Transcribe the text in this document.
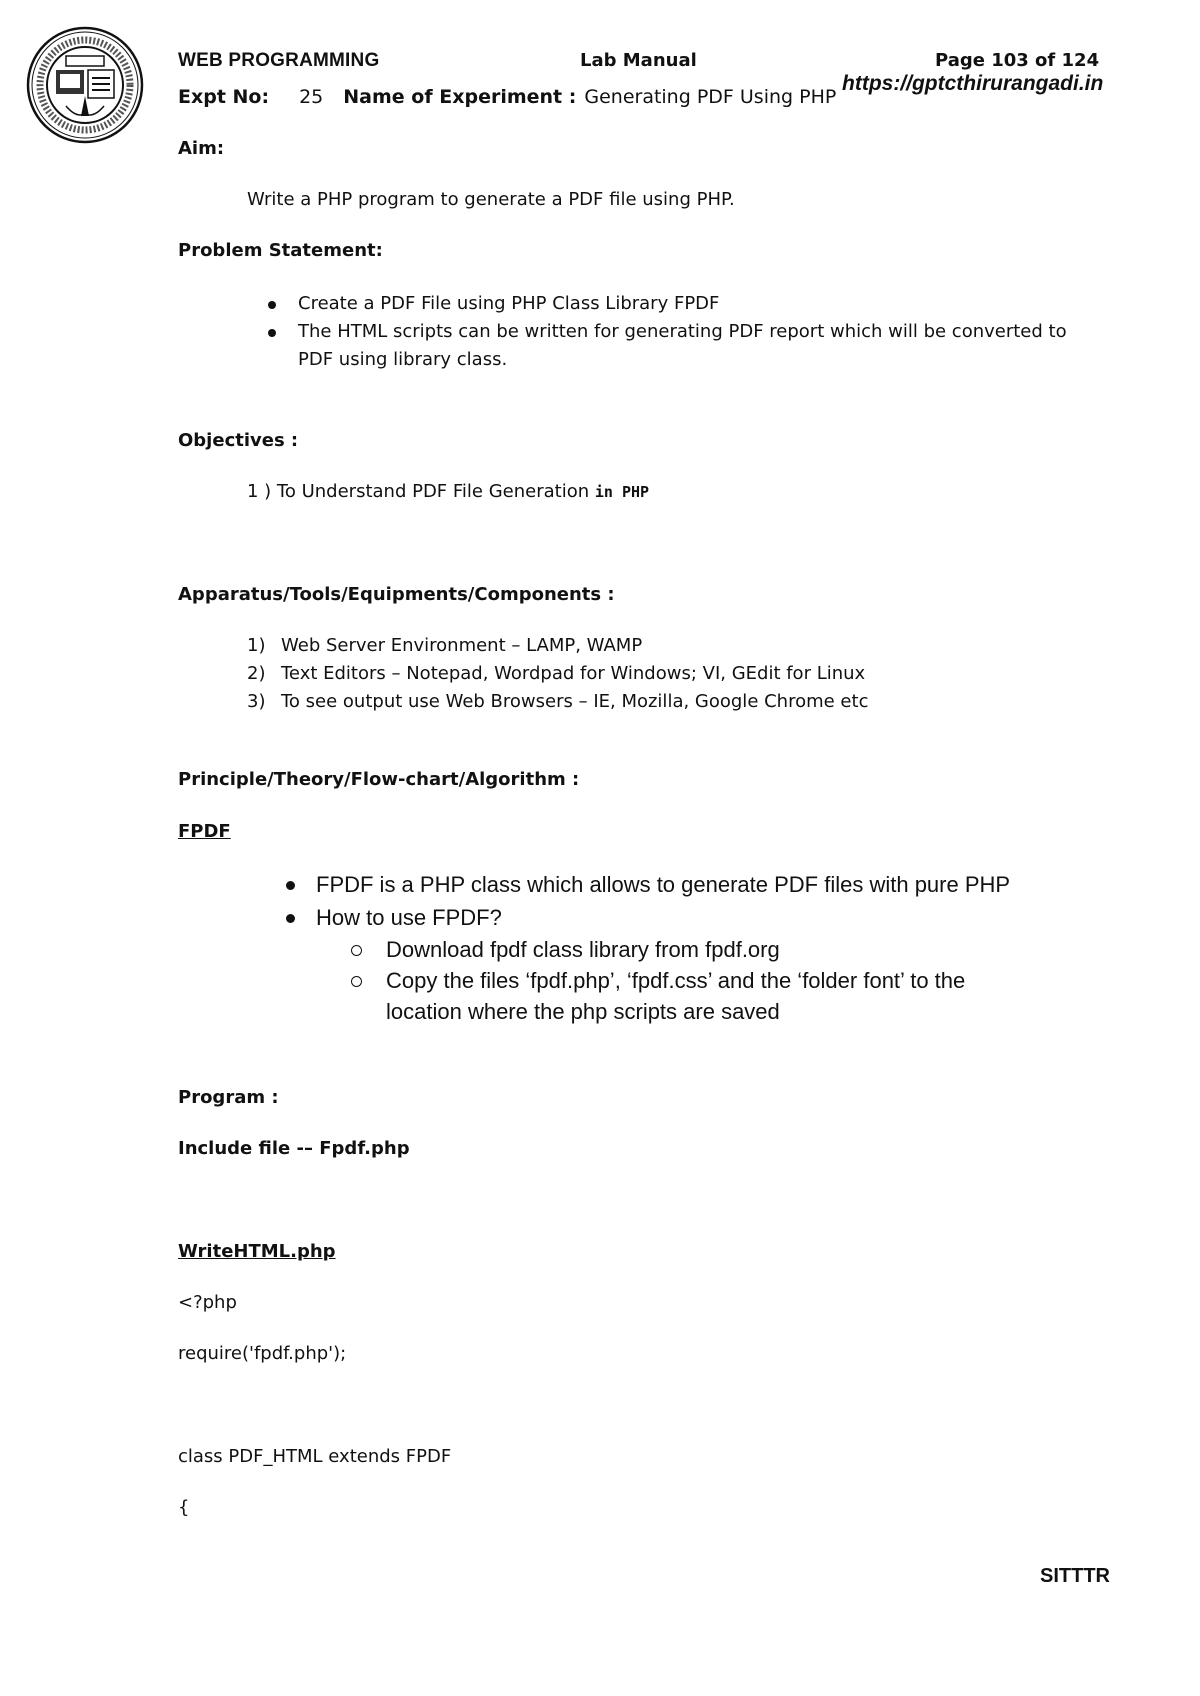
WEB PROGRAMMING	Lab Manual	Page 103 of 124
https://gptcthirurangadi.in
Expt No: 25 Name of Experiment : Generating PDF Using PHP
Aim:
Write a PHP program to generate a PDF file using PHP.
Problem Statement:
Create a PDF File using PHP Class Library FPDF
The HTML scripts can be written for generating PDF report which will be converted to
PDF using library class.
Objectives :
1 ) To Understand PDF File Generation in PHP
Apparatus/Tools/Equipments/Components :
1) Web Server Environment – LAMP, WAMP
2) Text Editors – Notepad, Wordpad for Windows; VI, GEdit for Linux
3) To see output use Web Browsers – IE, Mozilla, Google Chrome etc
Principle/Theory/Flow-chart/Algorithm :
FPDF
FPDF is a PHP class which allows to generate PDF files with pure PHP
How to use FPDF?
Download fpdf class library from fpdf.org
Copy the files ‘fpdf.php’, ‘fpdf.css’ and the ‘folder font’ to the
location where the php scripts are saved
Program :
Include file -– Fpdf.php
WriteHTML.php
<?php
require('fpdf.php');
class PDF_HTML extends FPDF
{
SITTTR
